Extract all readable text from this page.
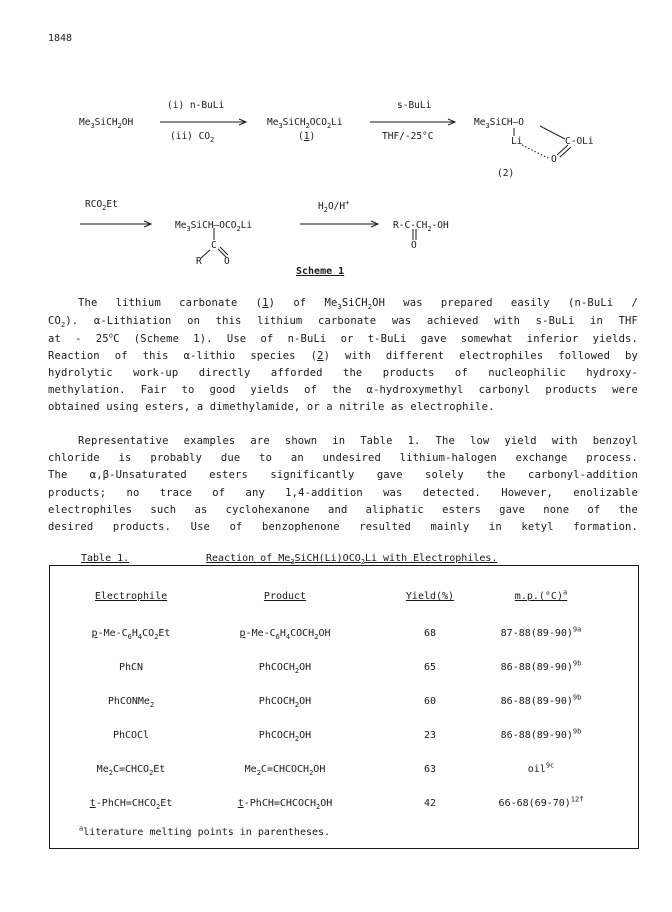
1848
$Me_3SiCH_2OH$
(i) n-BuLi
(ii) $CO_2$
$Me_3SiCH_2OCO_2Li$
(1)
s-BuLi
THF/-25°C
$Me_3SiCH—O$
Li	C-OLi
O
(2)
$RCO_2Et$
$Me_3SiCH—OCO_2Li$
C
R O
$H_2O/H^+$
$R-C-CH_2-OH$
O
Scheme 1
The lithium carbonate (1) of $Me_3SiCH_2OH$ was prepared easily (n-BuLi /
$CO_2$). α-Lithiation on this lithium carbonate was achieved with s-BuLi in THF
at - 25$^o$C (Scheme 1). Use of n-BuLi or t-BuLi gave somewhat inferior yields.
Reaction of this α-lithio species (2) with different electrophiles followed by
hydrolytic work-up directly afforded the products of nucleophilic hydroxy-
methylation. Fair to good yields of the α-hydroxymethyl carbonyl products were
obtained using esters, a dimethylamide, or a nitrile as electrophile.
Representative examples are shown in Table 1. The low yield with benzoyl
chloride is probably due to an undesired lithium-halogen exchange process.
The α,β-Unsaturated esters significantly gave solely the carbonyl-addition
products; no trace of any 1,4-addition was detected. However, enolizable
electrophiles such as cyclohexanone and aliphatic esters gave none of the
desired products. Use of benzophenone resulted mainly in ketyl formation.
Table 1.	Reaction of $Me_3SiCH(Li)OCO_2Li$ with Electrophiles.
Electrophile	Product	Yield(%)	$m.p.(^\circ C)^a$
$p-Me-C_6H_4CO_2Et$	$p-Me-C_6H_4COCH_2OH$	68	$87-88(89-90)^{9a}$
PhCN	PhCOCH$_2$OH	65	$86-88(89-90)^{9b}$
PhCONMe$_2$	PhCOCH$_2$OH	60	$86-88(89-90)^{9b}$
PhCOCl	PhCOCH$_2$OH	23	$86-88(89-90)^{9b}$
$Me_2C=CHCO_2Et$	$Me_2C=CHCOCH_2OH$	63	oil$^{9c}$
$t-PhCH=CHCO_2Et$	$t-PhCH=CHCOCH_2OH$	42	$66-68(69-70)^{12f}$
$^a$literature melting points in parentheses.
